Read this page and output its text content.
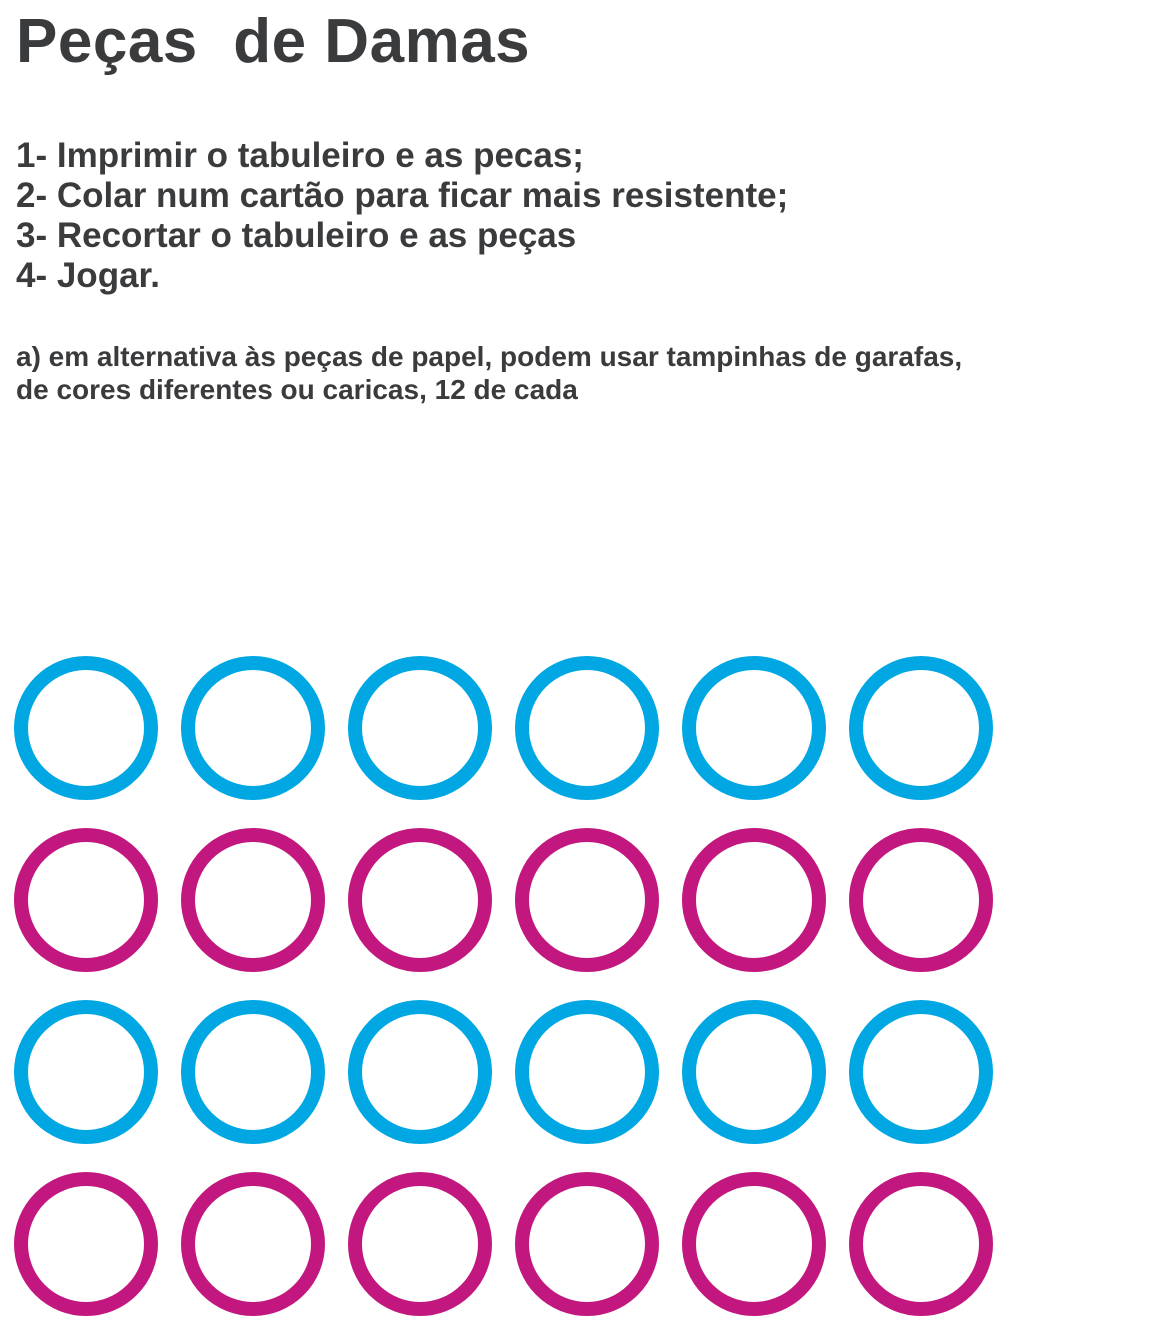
Peças  de Damas
1- Imprimir o tabuleiro e as pecas;
2- Colar num cartão para ficar mais resistente;
3- Recortar o tabuleiro e as peças
4- Jogar.

a) em alternativa às peças de papel, podem usar tampinhas de garafas,
de cores diferentes ou caricas, 12 de cada
